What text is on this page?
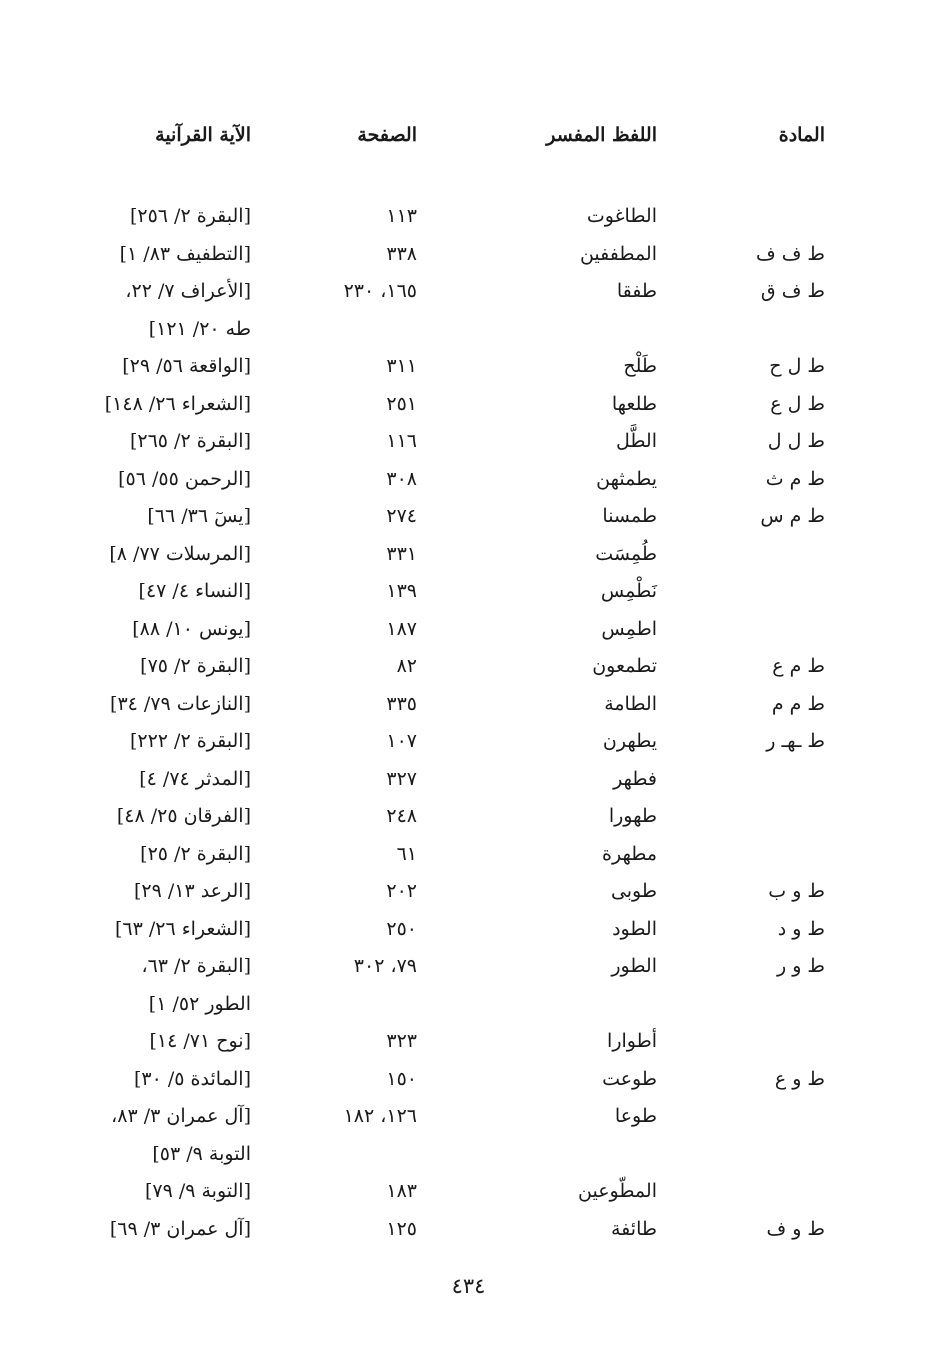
المادة
اللفظ المفسر
الصفحة
الآية القرآنية
الطاغوت
١١٣
[البقرة ٢/ ٢٥٦]
ط ف ف
المطففين
٣٣٨
[التطفيف ٨٣/ ١]
ط ف ق
طفقا
١٦٥، ٢٣٠
[الأعراف ٧/ ٢٢،
طه ٢٠/ ١٢١]
ط ل ح
طَلْح
٣١١
[الواقعة ٥٦/ ٢٩]
ط ل ع
طلعها
٢٥١
[الشعراء ٢٦/ ١٤٨]
ط ل ل
الطَّل
١١٦
[البقرة ٢/ ٢٦٥]
ط م ث
يطمثهن
٣٠٨
[الرحمن ٥٥/ ٥٦]
ط م س
طمسنا
٢٧٤
[يسٓ ٣٦/ ٦٦]
طُمِسَت
٣٣١
[المرسلات ٧٧/ ٨]
نَطْمِس
١٣٩
[النساء ٤/ ٤٧]
اطمِس
١٨٧
[يونس ١٠/ ٨٨]
ط م ع
تطمعون
٨٢
[البقرة ٢/ ٧٥]
ط م م
الطامة
٣٣٥
[النازعات ٧٩/ ٣٤]
ط ـهـ ر
يطهرن
١٠٧
[البقرة ٢/ ٢٢٢]
فطهر
٣٢٧
[المدثر ٧٤/ ٤]
طهورا
٢٤٨
[الفرقان ٢٥/ ٤٨]
مطهرة
٦١
[البقرة ٢/ ٢٥]
ط و ب
طوبى
٢٠٢
[الرعد ١٣/ ٢٩]
ط و د
الطود
٢٥٠
[الشعراء ٢٦/ ٦٣]
ط و ر
الطور
٧٩، ٣٠٢
[البقرة ٢/ ٦٣،
الطور ٥٢/ ١]
أطوارا
٣٢٣
[نوح ٧١/ ١٤]
ط و ع
طوعت
١٥٠
[المائدة ٥/ ٣٠]
طوعا
١٢٦، ١٨٢
[آل عمران ٣/ ٨٣،
التوبة ٩/ ٥٣]
المطّوعين
١٨٣
[التوبة ٩/ ٧٩]
ط و ف
طائفة
١٢٥
[آل عمران ٣/ ٦٩]
٤٣٤
